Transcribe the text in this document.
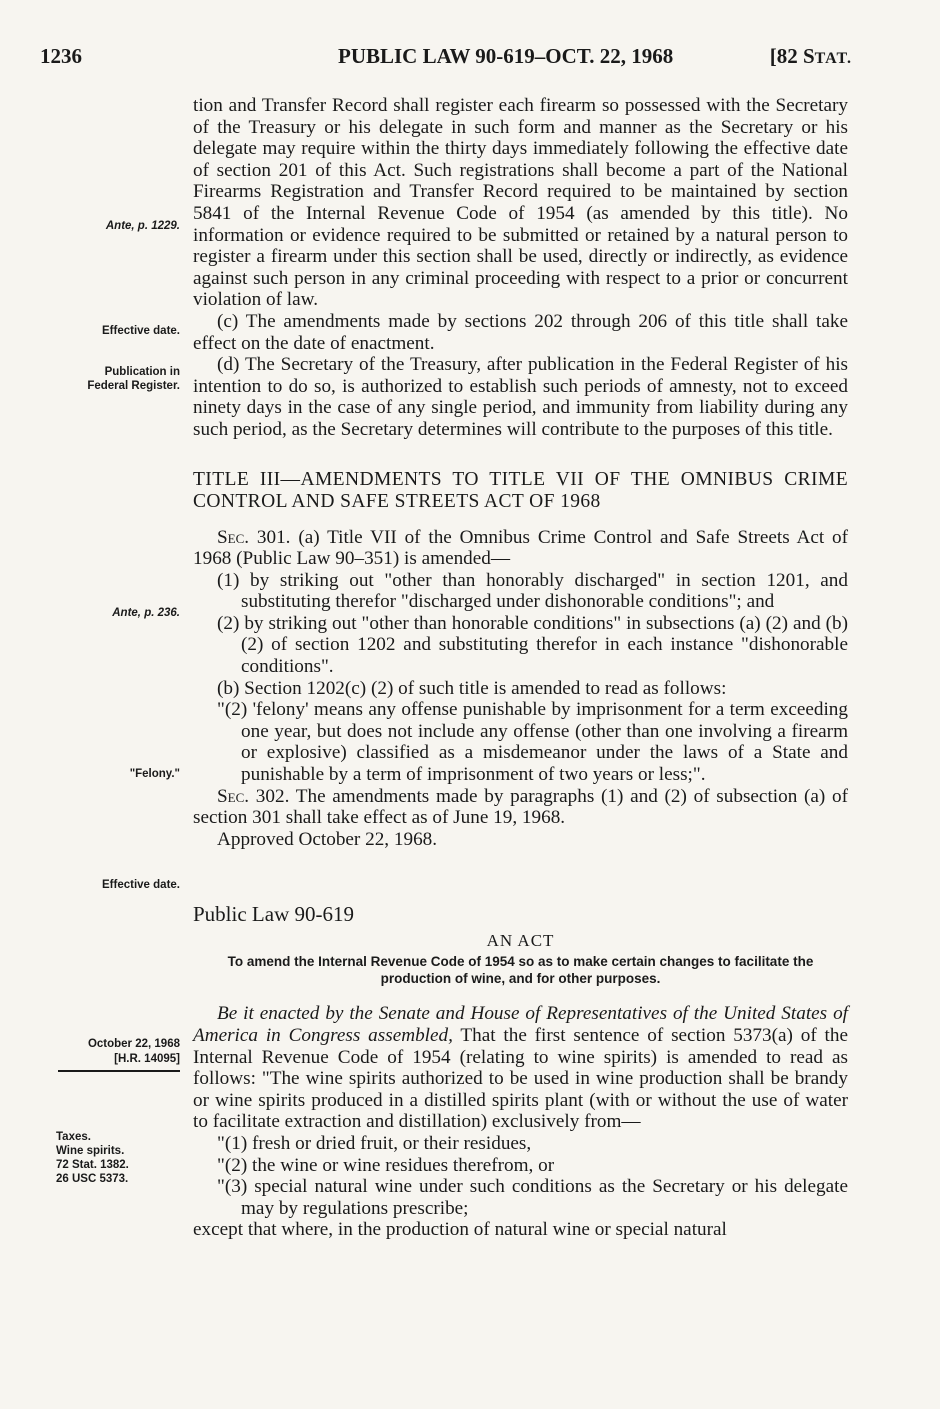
1236	PUBLIC LAW 90-619–OCT. 22, 1968	[82 STAT.
Ante, p. 1229.
Effective date.
Publication in
Federal Register.
Ante, p. 236.
"Felony."
Effective date.
October 22, 1968
[H.R. 14095]
Taxes.
Wine spirits.
72 Stat. 1382.
26 USC 5373.

tion and Transfer Record shall register each firearm so possessed with the Secretary of the Treasury or his delegate in such form and manner as the Secretary or his delegate may require within the thirty days immediately following the effective date of section 201 of this Act. Such registrations shall become a part of the National Firearms Registration and Transfer Record required to be maintained by section 5841 of the Internal Revenue Code of 1954 (as amended by this title). No information or evidence required to be submitted or retained by a natural person to register a firearm under this section shall be used, directly or indirectly, as evidence against such person in any criminal proceeding with respect to a prior or concurrent violation of law.

(c) The amendments made by sections 202 through 206 of this title shall take effect on the date of enactment.

(d) The Secretary of the Treasury, after publication in the Federal Register of his intention to do so, is authorized to establish such periods of amnesty, not to exceed ninety days in the case of any single period, and immunity from liability during any such period, as the Secretary determines will contribute to the purposes of this title.

TITLE III—AMENDMENTS TO TITLE VII OF THE OMNIBUS CRIME CONTROL AND SAFE STREETS ACT OF 1968

Sec. 301. (a) Title VII of the Omnibus Crime Control and Safe Streets Act of 1968 (Public Law 90–351) is amended—

(1) by striking out "other than honorably discharged" in section 1201, and substituting therefor "discharged under dishonorable conditions"; and

(2) by striking out "other than honorable conditions" in subsections (a) (2) and (b) (2) of section 1202 and substituting therefor in each instance "dishonorable conditions".

(b) Section 1202(c) (2) of such title is amended to read as follows:

"(2) 'felony' means any offense punishable by imprisonment for a term exceeding one year, but does not include any offense (other than one involving a firearm or explosive) classified as a misdemeanor under the laws of a State and punishable by a term of imprisonment of two years or less;".

Sec. 302. The amendments made by paragraphs (1) and (2) of subsection (a) of section 301 shall take effect as of June 19, 1968.

Approved October 22, 1968.

Public Law 90-619

AN ACT

To amend the Internal Revenue Code of 1954 so as to make certain changes to facilitate the production of wine, and for other purposes.

Be it enacted by the Senate and House of Representatives of the United States of America in Congress assembled, That the first sentence of section 5373(a) of the Internal Revenue Code of 1954 (relating to wine spirits) is amended to read as follows: "The wine spirits authorized to be used in wine production shall be brandy or wine spirits produced in a distilled spirits plant (with or without the use of water to facilitate extraction and distillation) exclusively from—

"(1) fresh or dried fruit, or their residues,

"(2) the wine or wine residues therefrom, or

"(3) special natural wine under such conditions as the Secretary or his delegate may by regulations prescribe;

except that where, in the production of natural wine or special natural
